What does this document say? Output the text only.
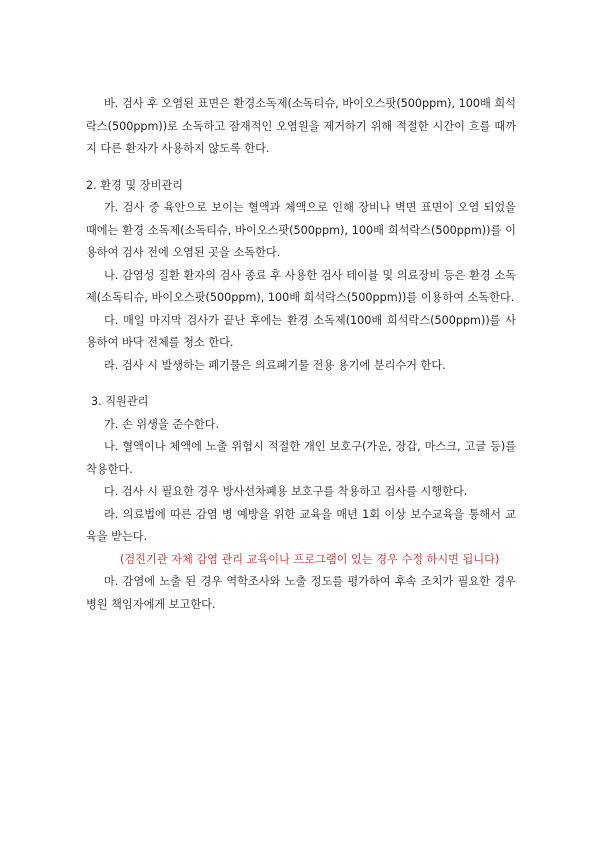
바. 검사 후 오염된 표면은 환경소독제(소독티슈, 바이오스팟(500ppm), 100배 희석락스(500ppm))로 소독하고 잠재적인 오염원을 제거하기 위해 적절한 시간이 흐를 때까지 다른 환자가 사용하지 않도록 한다.

2. 환경 및 장비관리

가. 검사 중 육안으로 보이는 혈액과 체액으로 인해 장비나 벽면 표면이 오염 되었을 때에는 환경 소독제(소독티슈, 바이오스팟(500ppm), 100배 희석락스(500ppm))를 이용하여 검사 전에 오염된 곳을 소독한다.

나. 감염성 질환 환자의 검사 종료 후 사용한 검사 테이블 및 의료장비 등은 환경 소독제(소독티슈, 바이오스팟(500ppm), 100배 희석락스(500ppm))를 이용하여 소독한다.

다. 매일 마지막 검사가 끝난 후에는 환경 소독제(100배 희석락스(500ppm))를 사용하여 바닥 전체를 청소 한다.

라. 검사 시 발생하는 폐기물은 의료폐기물 전용 용기에 분리수거 한다.

3. 직원관리

가. 손 위생을 준수한다.

나. 혈액이나 체액에 노출 위험시 적절한 개인 보호구(가운, 장갑, 마스크, 고글 등)를 착용한다.

다. 검사 시 필요한 경우 방사선차폐용 보호구를 착용하고 검사를 시행한다.

라. 의료법에 따른 감염 병 예방을 위한 교육을 매년 1회 이상 보수교육을 통해서 교육을 받는다.

(검진기관 자체 감염 관리 교육이나 프로그램이 있는 경우 수정 하시면 됩니다)

마. 감염에 노출 된 경우 역학조사와 노출 정도를 평가하여 후속 조치가 필요한 경우 병원 책임자에게 보고한다.
